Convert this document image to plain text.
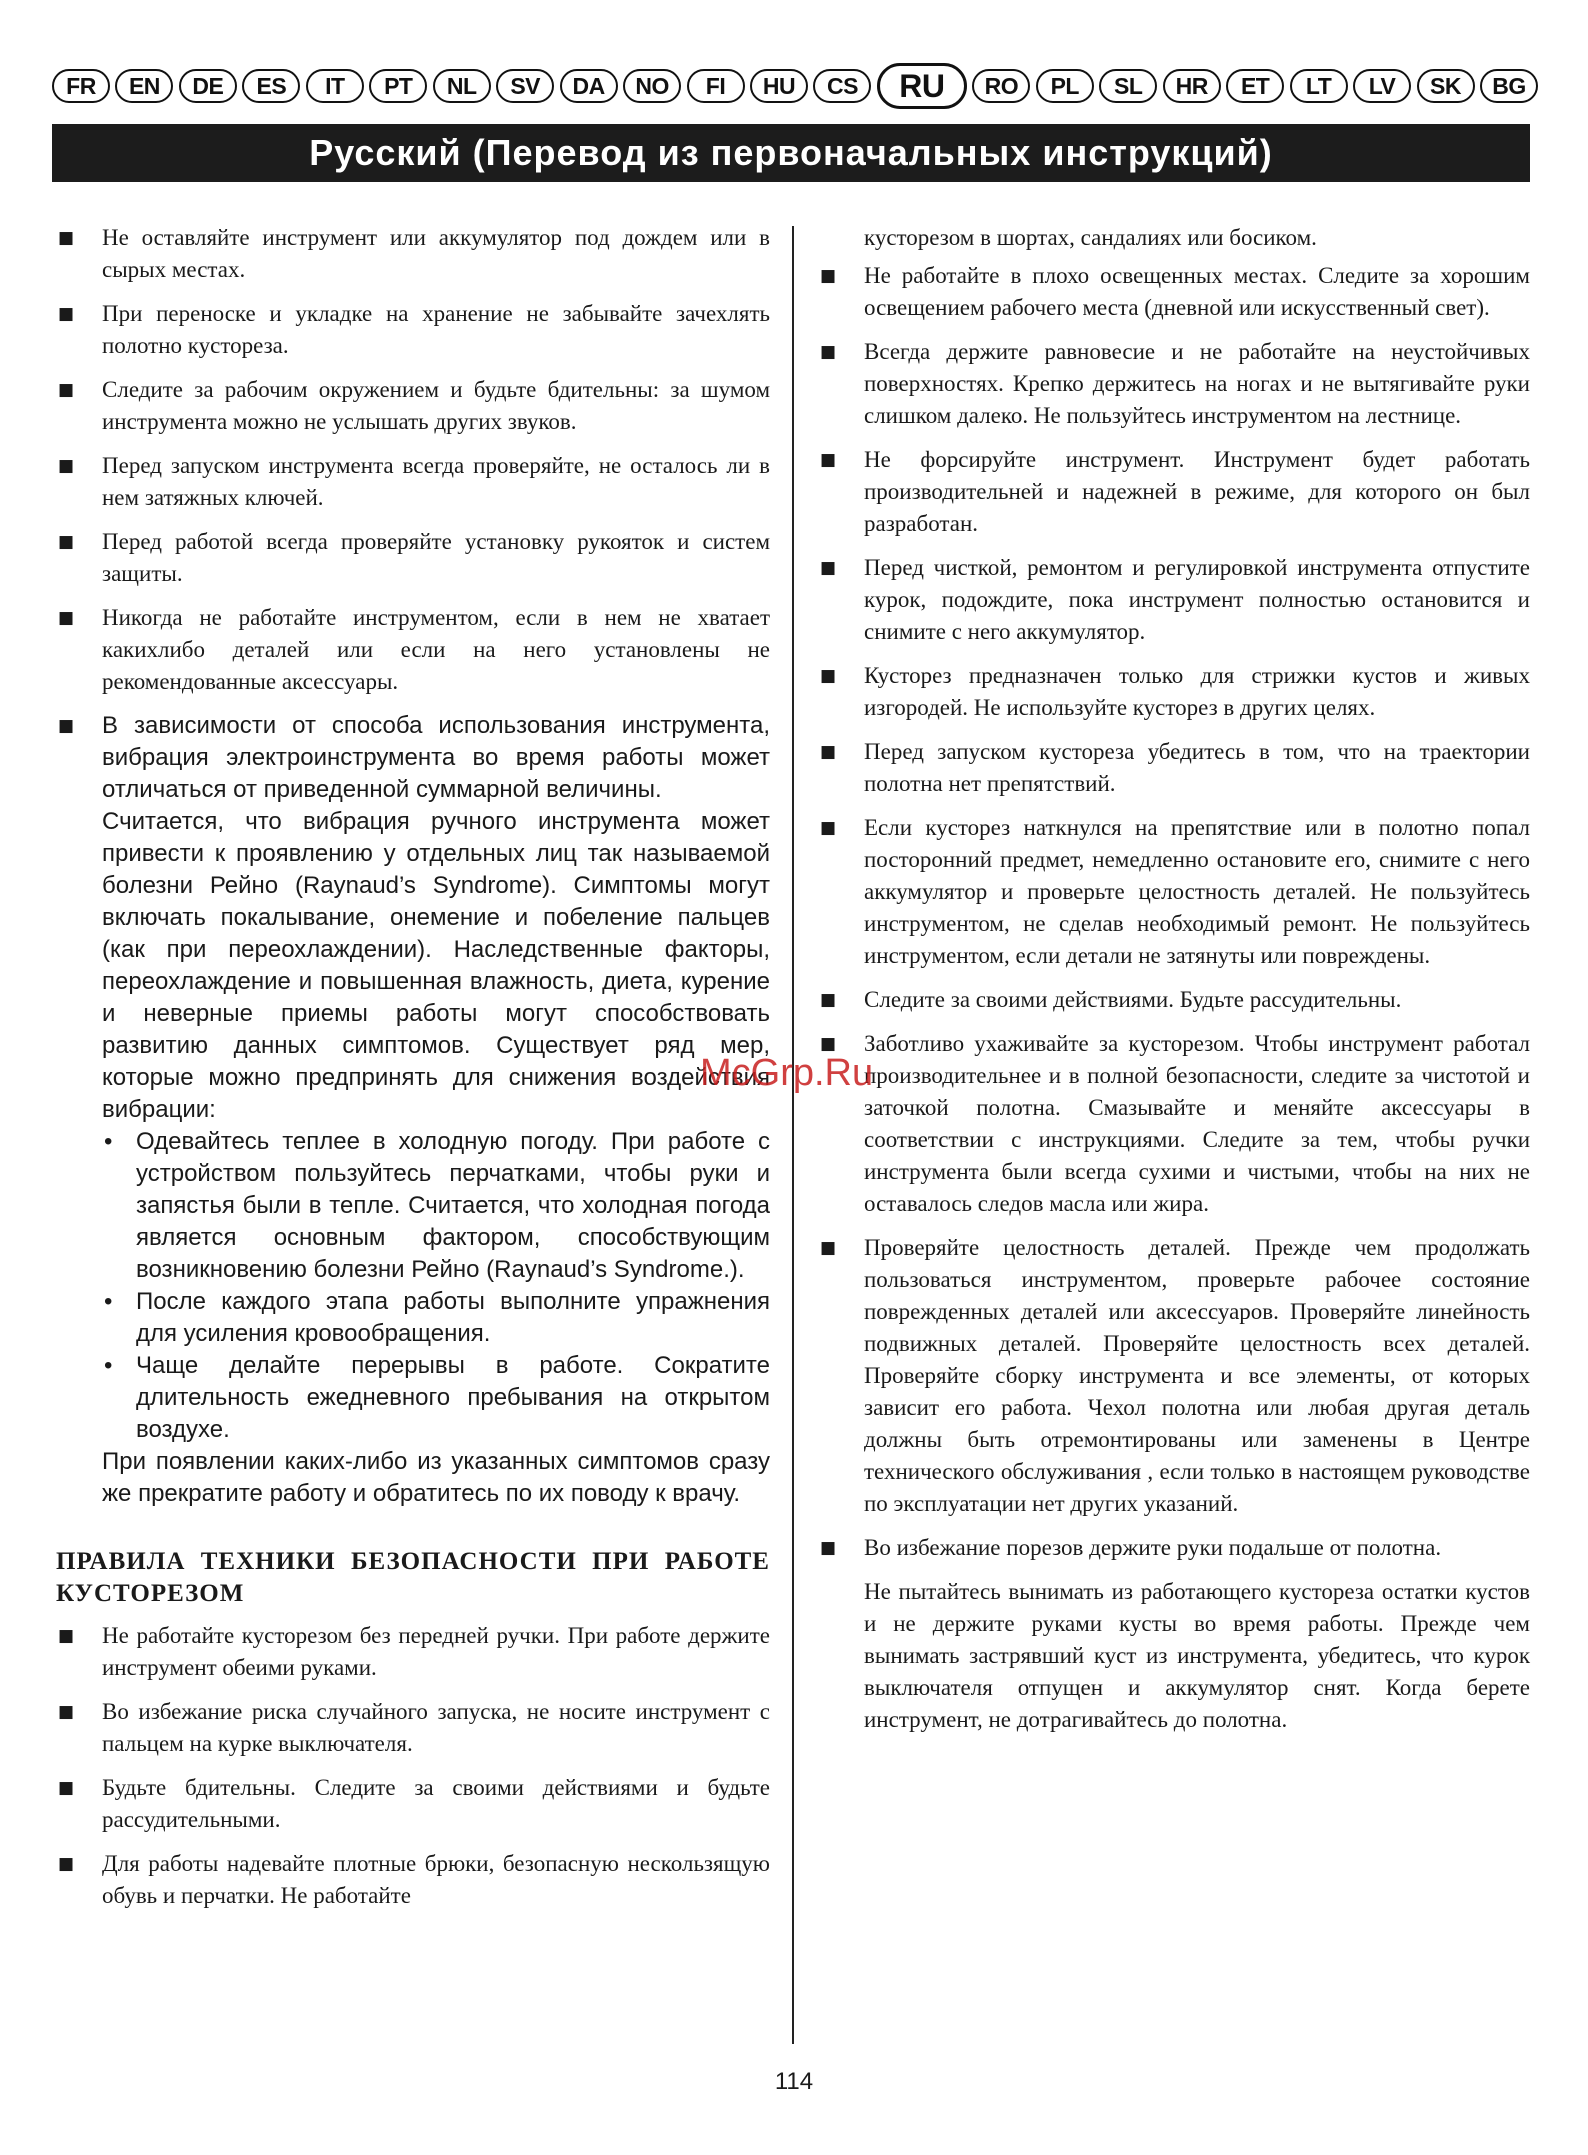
FR	EN	DE	ES	IT	PT	NL	SV	DA	NO	FI	HU	CS	RU	RO	PL	SL	HR	ET	LT	LV	SK	BG
Русский (Перевод из первоначальных инструкций)
■ Не оставляйте инструмент или аккумулятор под дождем или в сырых местах.
■ При переноске и укладке на хранение не забывайте зачехлять полотно кустореза.
■ Следите за рабочим окружением и будьте бдительны: за шумом инструмента можно не услышать других звуков.
■ Перед запуском инструмента всегда проверяйте, не осталось ли в нем затяжных ключей.
■ Перед работой всегда проверяйте установку рукояток и систем защиты.
■ Никогда не работайте инструментом, если в нем не хватает какихлибо деталей или если на него установлены не рекомендованные аксессуары.
■ В зависимости от способа использования инструмента, вибрация электроинструмента во время работы может отличаться от приведенной суммарной величины.
Считается, что вибрация ручного инструмента может привести к проявлению у отдельных лиц так называемой болезни Рейно (Raynaud’s Syndrome). Симптомы могут включать покалывание, онемение и побеление пальцев (как при переохлаждении). Наследственные факторы, переохлаждение и повышенная влажность, диета, курение и неверные приемы работы могут способствовать развитию данных симптомов. Существует ряд мер, которые можно предпринять для снижения воздействия вибрации:
• Одевайтесь теплее в холодную погоду. При работе с устройством пользуйтесь перчатками, чтобы руки и запястья были в тепле. Считается, что холодная погода является основным фактором, способствующим возникновению болезни Рейно (Raynaud’s Syndrome.).
• После каждого этапа работы выполните упражнения для усиления кровообращения.
• Чаще делайте перерывы в работе. Сократите длительность ежедневного пребывания на открытом воздухе.
При появлении каких-либо из указанных симптомов сразу же прекратите работу и обратитесь по их поводу к врачу.
ПРАВИЛА ТЕХНИКИ БЕЗОПАСНОСТИ ПРИ РАБОТЕ КУСТОРЕЗОМ
■ Не работайте кусторезом без передней ручки. При работе держите инструмент обеими руками.
■ Во избежание риска случайного запуска, не носите инструмент с пальцем на курке выключателя.
■ Будьте бдительны. Следите за своими действиями и будьте рассудительными.
■ Для работы надевайте плотные брюки, безопасную нескользящую обувь и перчатки. Не работайте
кусторезом в шортах, сандалиях или босиком.
■ Не работайте в плохо освещенных местах. Следите за хорошим освещением рабочего места (дневной или искусственный свет).
■ Всегда держите равновесие и не работайте на неустойчивых поверхностях. Крепко держитесь на ногах и не вытягивайте руки слишком далеко. Не пользуйтесь инструментом на лестнице.
■ Не форсируйте инструмент. Инструмент будет работать производительней и надежней в режиме, для которого он был разработан.
■ Перед чисткой, ремонтом и регулировкой инструмента отпустите курок, подождите, пока инструмент полностью остановится и снимите с него аккумулятор.
■ Кусторез предназначен только для стрижки кустов и живых изгородей. Не используйте кусторез в других целях.
■ Перед запуском кустореза убедитесь в том, что на траектории полотна нет препятствий.
■ Если кусторез наткнулся на препятствие или в полотно попал посторонний предмет, немедленно остановите его, снимите с него аккумулятор и проверьте целостность деталей. Не пользуйтесь инструментом, не сделав необходимый ремонт. Не пользуйтесь инструментом, если детали не затянуты или повреждены.
■ Следите за своими действиями. Будьте рассудительны.
■ Заботливо ухаживайте за кусторезом. Чтобы инструмент работал производительнее и в полной безопасности, следите за чистотой и заточкой полотна. Смазывайте и меняйте аксессуары в соответствии с инструкциями. Следите за тем, чтобы ручки инструмента были всегда сухими и чистыми, чтобы на них не оставалось следов масла или жира.
■ Проверяйте целостность деталей. Прежде чем продолжать пользоваться инструментом, проверьте рабочее состояние поврежденных деталей или аксессуаров. Проверяйте линейность подвижных деталей. Проверяйте целостность всех деталей. Проверяйте сборку инструмента и все элементы, от которых зависит его работа. Чехол полотна или любая другая деталь должны быть отремонтированы или заменены в Центре технического обслуживания , если только в настоящем руководстве по эксплуатации нет других указаний.
■ Во избежание порезов держите руки подальше от полотна.
Не пытайтесь вынимать из работающего кустореза остатки кустов и не держите руками кусты во время работы. Прежде чем вынимать застрявший куст из инструмента, убедитесь, что курок выключателя отпущен и аккумулятор снят. Когда берете инструмент, не дотрагивайтесь до полотна.
McGrp.Ru
114
